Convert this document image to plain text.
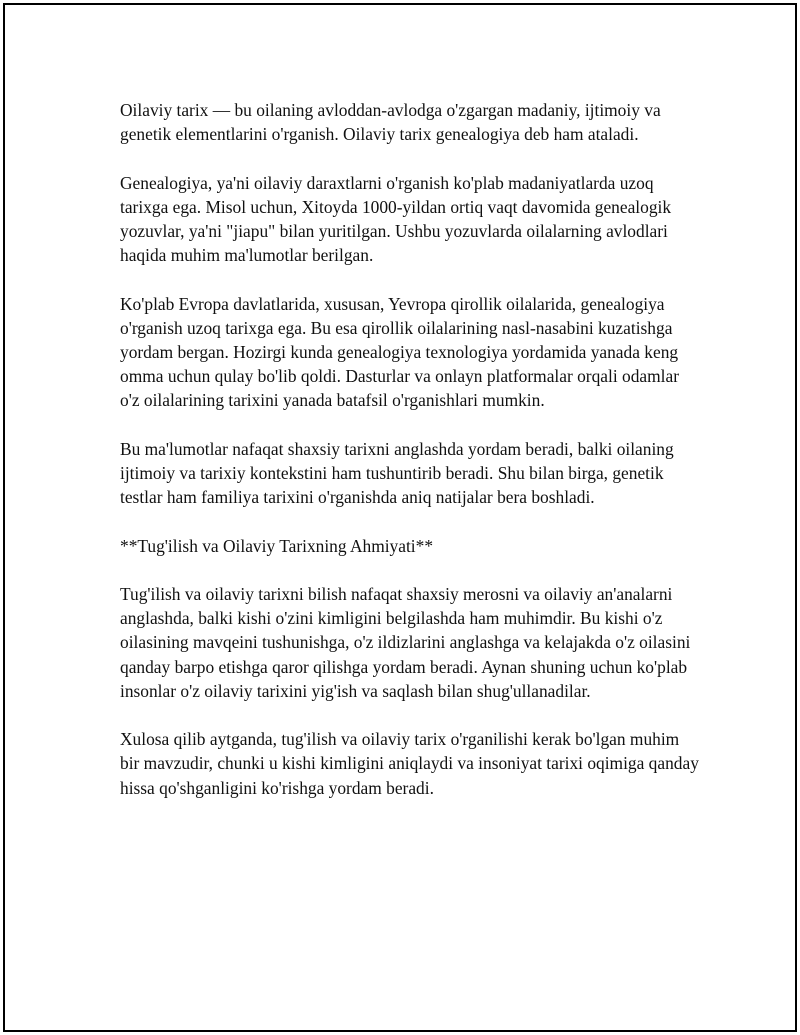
Oilaviy tarix — bu oilaning avloddan-avlodga o'zgargan madaniy, ijtimoiy va genetik elementlarini o'rganish. Oilaviy tarix genealogiya deb ham ataladi.

Genealogiya, ya'ni oilaviy daraxtlarni o'rganish ko'plab madaniyatlarda uzoq tarixga ega. Misol uchun, Xitoyda 1000-yildan ortiq vaqt davomida genealogik yozuvlar, ya'ni "jiapu" bilan yuritilgan. Ushbu yozuvlarda oilalarning avlodlari haqida muhim ma'lumotlar berilgan.

Ko'plab Evropa davlatlarida, xususan, Yevropa qirollik oilalarida, genealogiya o'rganish uzoq tarixga ega. Bu esa qirollik oilalarining nasl-nasabini kuzatishga yordam bergan. Hozirgi kunda genealogiya texnologiya yordamida yanada keng omma uchun qulay bo'lib qoldi. Dasturlar va onlayn platformalar orqali odamlar o'z oilalarining tarixini yanada batafsil o'rganishlari mumkin.

Bu ma'lumotlar nafaqat shaxsiy tarixni anglashda yordam beradi, balki oilaning ijtimoiy va tarixiy kontekstini ham tushuntirib beradi. Shu bilan birga, genetik testlar ham familiya tarixini o'rganishda aniq natijalar bera boshladi.

**Tug'ilish va Oilaviy Tarixning Ahmiyati**

Tug'ilish va oilaviy tarixni bilish nafaqat shaxsiy merosni va oilaviy an'analarni anglashda, balki kishi o'zini kimligini belgilashda ham muhimdir. Bu kishi o'z oilasining mavqeini tushunishga, o'z ildizlarini anglashga va kelajakda o'z oilasini qanday barpo etishga qaror qilishga yordam beradi. Aynan shuning uchun ko'plab insonlar o'z oilaviy tarixini yig'ish va saqlash bilan shug'ullanadilar.

Xulosa qilib aytganda, tug'ilish va oilaviy tarix o'rganilishi kerak bo'lgan muhim bir mavzudir, chunki u kishi kimligini aniqlaydi va insoniyat tarixi oqimiga qanday hissa qo'shganligini ko'rishga yordam beradi.
